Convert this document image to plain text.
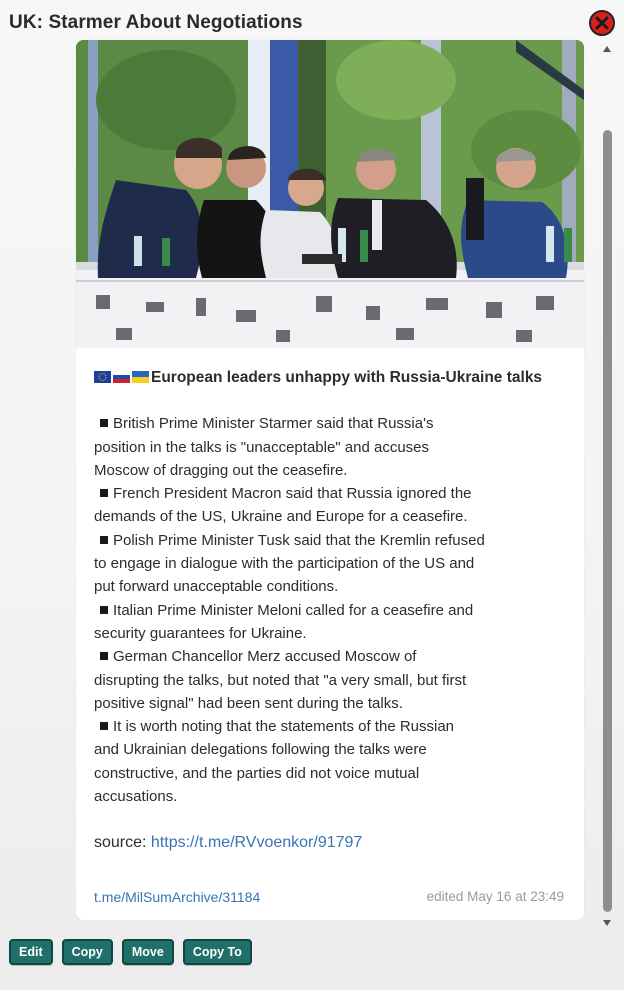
UK: Starmer About Negotiations
European leaders unhappy with Russia-Ukraine talks
British Prime Minister Starmer said that Russia's
position in the talks is "unacceptable" and accuses
Moscow of dragging out the ceasefire.
French President Macron said that Russia ignored the
demands of the US, Ukraine and Europe for a ceasefire.
Polish Prime Minister Tusk said that the Kremlin refused
to engage in dialogue with the participation of the US and
put forward unacceptable conditions.
Italian Prime Minister Meloni called for a ceasefire and
security guarantees for Ukraine.
German Chancellor Merz accused Moscow of
disrupting the talks, but noted that "a very small, but first
positive signal" had been sent during the talks.
It is worth noting that the statements of the Russian
and Ukrainian delegations following the talks were
constructive, and the parties did not voice mutual
accusations.
source: https://t.me/RVvoenkor/91797
t.me/MilSumArchive/31184	edited May 16 at 23:49
Edit	Copy	Move	Copy To
